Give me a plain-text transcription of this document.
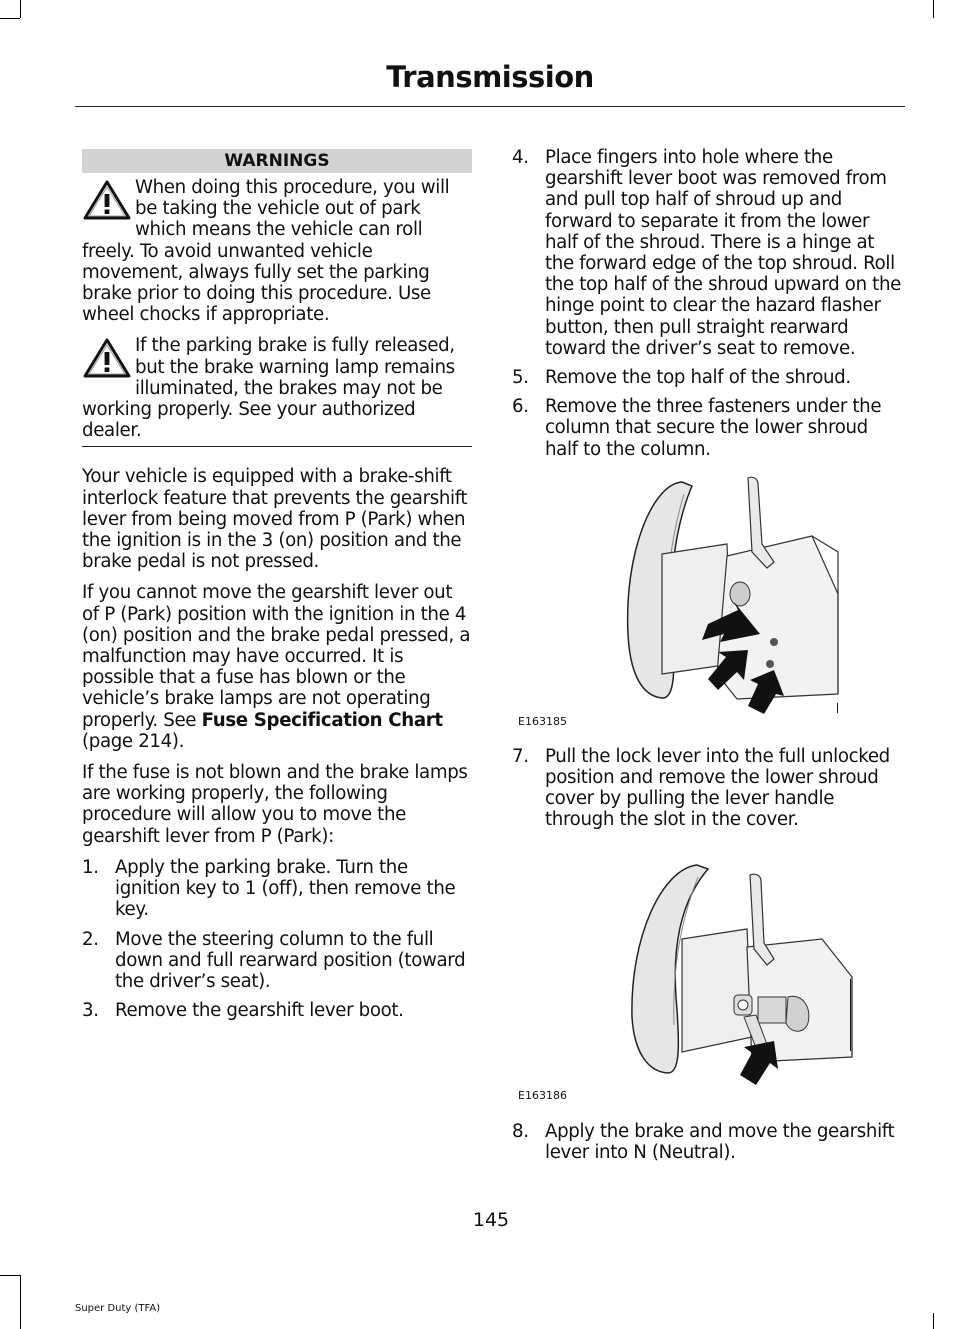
Transmission
WARNINGS
When doing this procedure, you will be taking the vehicle out of park which means the vehicle can roll freely. To avoid unwanted vehicle movement, always fully set the parking brake prior to doing this procedure. Use wheel chocks if appropriate.
If the parking brake is fully released, but the brake warning lamp remains illuminated, the brakes may not be working properly. See your authorized dealer.

Your vehicle is equipped with a brake-shift interlock feature that prevents the gearshift lever from being moved from P (Park) when the ignition is in the 3 (on) position and the brake pedal is not pressed.

If you cannot move the gearshift lever out of P (Park) position with the ignition in the 4 (on) position and the brake pedal pressed, a malfunction may have occurred. It is possible that a fuse has blown or the vehicle’s brake lamps are not operating properly. See Fuse Specification Chart (page 214).

If the fuse is not blown and the brake lamps are working properly, the following procedure will allow you to move the gearshift lever from P (Park):

1. Apply the parking brake. Turn the ignition key to 1 (off), then remove the key.
2. Move the steering column to the full down and full rearward position (toward the driver’s seat).
3. Remove the gearshift lever boot.
4. Place fingers into hole where the gearshift lever boot was removed from and pull top half of shroud up and forward to separate it from the lower half of the shroud. There is a hinge at the forward edge of the top shroud. Roll the top half of the shroud upward on the hinge point to clear the hazard flasher button, then pull straight rearward toward the driver’s seat to remove.
5. Remove the top half of the shroud.
6. Remove the three fasteners under the column that secure the lower shroud half to the column.
E163185
7. Pull the lock lever into the full unlocked position and remove the lower shroud cover by pulling the lever handle through the slot in the cover.
E163186
8. Apply the brake and move the gearshift lever into N (Neutral).
145
Super Duty (TFA)
